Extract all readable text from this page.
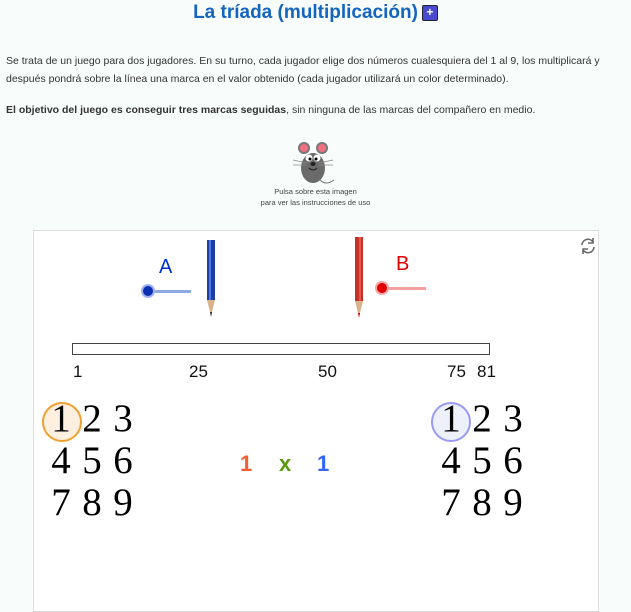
La tríada (multiplicación) +
Se trata de un juego para dos jugadores. En su turno, cada jugador elige dos números cualesquiera del 1 al 9, los multiplicará y después pondrá sobre la línea una marca en el valor obtenido (cada jugador utilizará un color determinado).
El objetivo del juego es conseguir tres marcas seguidas, sin ninguna de las marcas del compañero en medio.
Pulsa sobre esta imagen
para ver las instrucciones de uso
A	B
1	25	50	75 81
1 2 3
4 5 6
7 8 9
1 2 3
4 5 6
7 8 9
1 x 1
